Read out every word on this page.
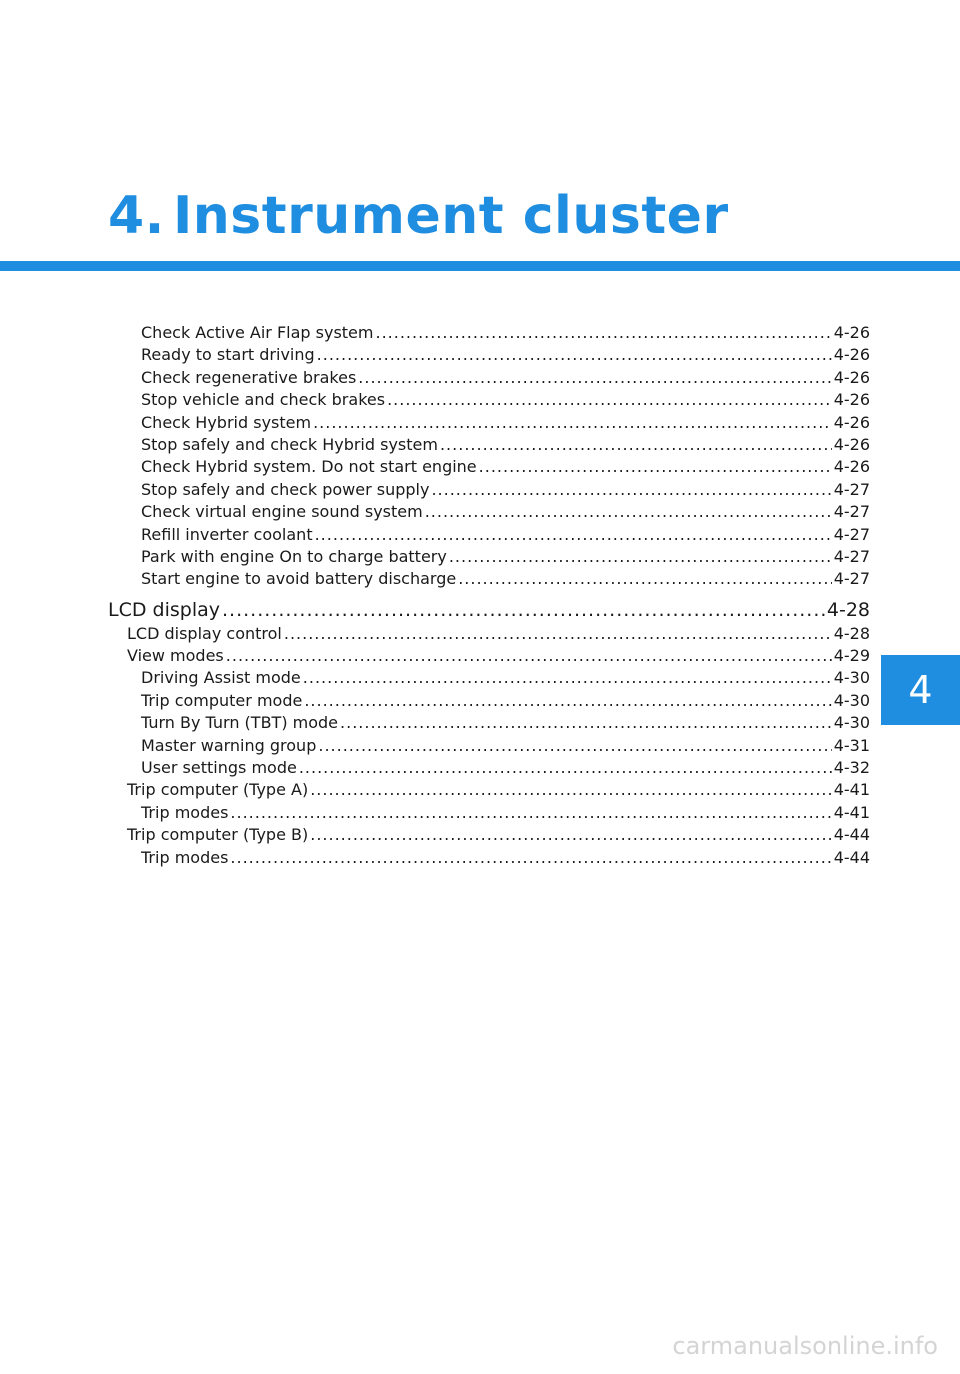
4. Instrument cluster
Check Active Air Flap system .....	4-26
Ready to start driving .....	4-26
Check regenerative brakes .....	4-26
Stop vehicle and check brakes .....	4-26
Check Hybrid system .....	4-26
Stop safely and check Hybrid system .....	4-26
Check Hybrid system. Do not start engine .....	4-26
Stop safely and check power supply .....	4-27
Check virtual engine sound system .....	4-27
Refill inverter coolant .....	4-27
Park with engine On to charge battery .....	4-27
Start engine to avoid battery discharge .....	4-27
LCD display .....	4-28
LCD display control .....	4-28
View modes .....	4-29
Driving Assist mode .....	4-30
Trip computer mode .....	4-30
Turn By Turn (TBT) mode .....	4-30
Master warning group .....	4-31
User settings mode .....	4-32
Trip computer (Type A) .....	4-41
Trip modes .....	4-41
Trip computer (Type B) .....	4-44
Trip modes .....	4-44
4
carmanualsonline.info
